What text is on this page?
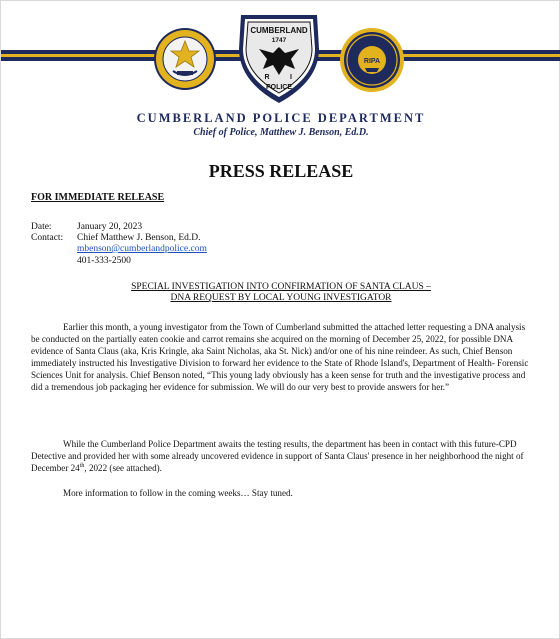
CUMBERLAND
1747
R	I
POLICE
RIPA
CUMBERLAND POLICE DEPARTMENT
Chief of Police, Matthew J. Benson, Ed.D.
PRESS RELEASE
FOR IMMEDIATE RELEASE
Date:	January 20, 2023
Contact: Chief Matthew J. Benson, Ed.D.
mbenson@cumberlandpolice.com
401-333-2500
SPECIAL INVESTIGATION INTO CONFIRMATION OF SANTA CLAUS –
DNA REQUEST BY LOCAL YOUNG INVESTIGATOR
Earlier this month, a young investigator from the Town of Cumberland submitted the attached letter requesting a DNA analysis be conducted on the partially eaten cookie and carrot remains she acquired on the morning of December 25, 2022, for possible DNA evidence of Santa Claus (aka, Kris Kringle, aka Saint Nicholas, aka St. Nick) and/or one of his nine reindeer. As such, Chief Benson immediately instructed his Investigative Division to forward her evidence to the State of Rhode Island's, Department of Health- Forensic Sciences Unit for analysis. Chief Benson noted, “This young lady obviously has a keen sense for truth and the investigative process and did a tremendous job packaging her evidence for submission. We will do our very best to provide answers for her.”
While the Cumberland Police Department awaits the testing results, the department has been in contact with this future-CPD Detective and provided her with some already uncovered evidence in support of Santa Claus' presence in her neighborhood the night of December 24th, 2022 (see attached).
More information to follow in the coming weeks… Stay tuned.
